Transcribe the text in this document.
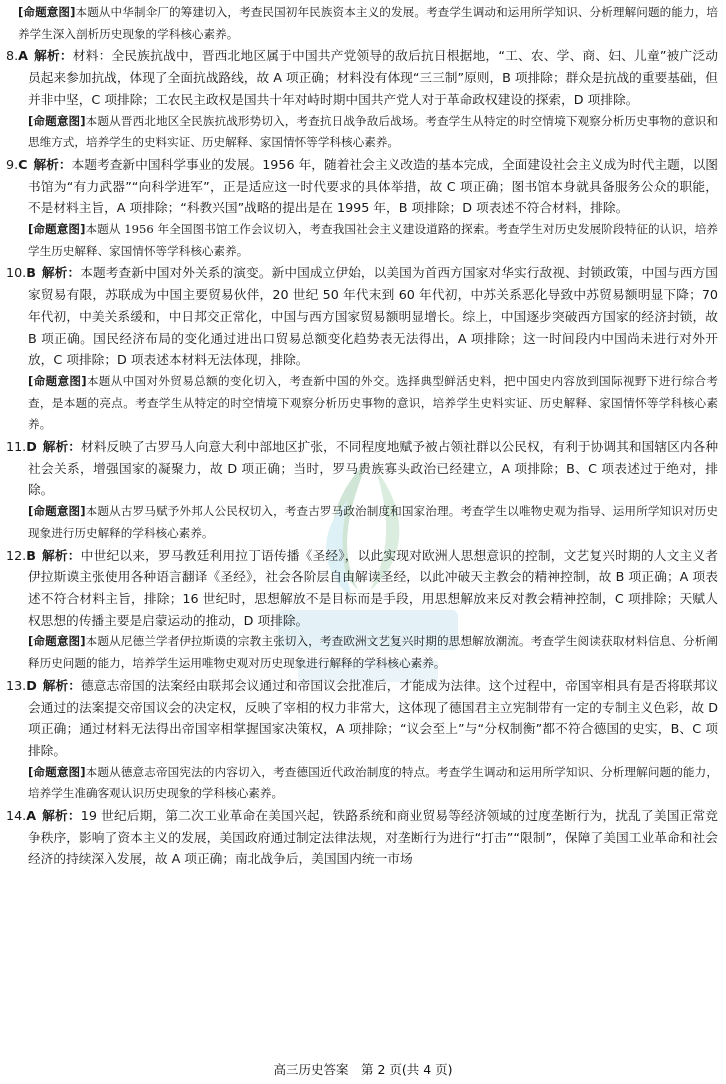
[命题意图]本题从中华制伞厂的筹建切入，考查民国初年民族资本主义的发展。考查学生调动和运用所学知识、分析理解问题的能力，培养学生深入剖析历史现象的学科核心素养。

8.A 解析：材料：全民族抗战中，晋西北地区属于中国共产党领导的敌后抗日根据地，“工、农、学、商、妇、儿童”被广泛动员起来参加抗战，体现了全面抗战路线，故 A 项正确；材料没有体现“三三制”原则，B 项排除；群众是抗战的重要基础，但并非中坚，C 项排除；工农民主政权是国共十年对峙时期中国共产党人对于革命政权建设的探索，D 项排除。

[命题意图]本题从晋西北地区全民族抗战形势切入，考查抗日战争敌后战场。考查学生从特定的时空情境下观察分析历史事物的意识和思维方式，培养学生的史料实证、历史解释、家国情怀等学科核心素养。

9.C 解析：本题考查新中国科学事业的发展。1956 年，随着社会主义改造的基本完成，全面建设社会主义成为时代主题，以图书馆为“有力武器”“向科学进军”，正是适应这一时代要求的具体举措，故 C 项正确；图书馆本身就具备服务公众的职能，不是材料主旨，A 项排除；“科教兴国”战略的提出是在 1995 年，B 项排除；D 项表述不符合材料，排除。

[命题意图]本题从 1956 年全国图书馆工作会议切入，考查我国社会主义建设道路的探索。考查学生对历史发展阶段特征的认识，培养学生历史解释、家国情怀等学科核心素养。

10.B 解析：本题考查新中国对外关系的演变。新中国成立伊始，以美国为首西方国家对华实行敌视、封锁政策，中国与西方国家贸易有限，苏联成为中国主要贸易伙伴，20 世纪 50 年代末到 60 年代初，中苏关系恶化导致中苏贸易额明显下降；70 年代初，中美关系缓和，中日邦交正常化，中国与西方国家贸易额明显增长。综上，中国逐步突破西方国家的经济封锁，故 B 项正确。国民经济布局的变化通过进出口贸易总额变化趋势表无法得出，A 项排除；这一时间段内中国尚未进行对外开放，C 项排除；D 项表述本材料无法体现，排除。

[命题意图]本题从中国对外贸易总额的变化切入，考查新中国的外交。选择典型鲜活史料，把中国史内容放到国际视野下进行综合考查，是本题的亮点。考查学生从特定的时空情境下观察分析历史事物的意识，培养学生史料实证、历史解释、家国情怀等学科核心素养。

11.D 解析：材料反映了古罗马人向意大利中部地区扩张，不同程度地赋予被占领社群以公民权，有利于协调其和国辖区内各种社会关系，增强国家的凝聚力，故 D 项正确；当时，罗马贵族寡头政治已经建立，A 项排除；B、C 项表述过于绝对，排除。

[命题意图]本题从古罗马赋予外邦人公民权切入，考查古罗马政治制度和国家治理。考查学生以唯物史观为指导、运用所学知识对历史现象进行历史解释的学科核心素养。

12.B 解析：中世纪以来，罗马教廷利用拉丁语传播《圣经》，以此实现对欧洲人思想意识的控制，文艺复兴时期的人文主义者伊拉斯谟主张使用各种语言翻译《圣经》，社会各阶层自由解读圣经，以此冲破天主教会的精神控制，故 B 项正确；A 项表述不符合材料主旨，排除；16 世纪时，思想解放不是目标而是手段，用思想解放来反对教会精神控制，C 项排除；天赋人权思想的传播主要是启蒙运动的推动，D 项排除。

[命题意图]本题从尼德兰学者伊拉斯谟的宗教主张切入，考查欧洲文艺复兴时期的思想解放潮流。考查学生阅读获取材料信息、分析阐释历史问题的能力，培养学生运用唯物史观对历史现象进行解释的学科核心素养。

13.D 解析：德意志帝国的法案经由联邦会议通过和帝国议会批准后，才能成为法律。这个过程中，帝国宰相具有是否将联邦议会通过的法案提交帝国议会的决定权，反映了宰相的权力非常大，这体现了德国君主立宪制带有一定的专制主义色彩，故 D 项正确；通过材料无法得出帝国宰相掌握国家决策权，A 项排除；“议会至上”与“分权制衡”都不符合德国的史实，B、C 项排除。

[命题意图]本题从德意志帝国宪法的内容切入，考查德国近代政治制度的特点。考查学生调动和运用所学知识、分析理解问题的能力，培养学生准确客观认识历史现象的学科核心素养。

14.A 解析：19 世纪后期，第二次工业革命在美国兴起，铁路系统和商业贸易等经济领域的过度垄断行为，扰乱了美国正常竞争秩序，影响了资本主义的发展，美国政府通过制定法律法规，对垄断行为进行“打击”“限制”，保障了美国工业革命和社会经济的持续深入发展，故 A 项正确；南北战争后，美国国内统一市场

高三历史答案　第 2 页(共 4 页)
